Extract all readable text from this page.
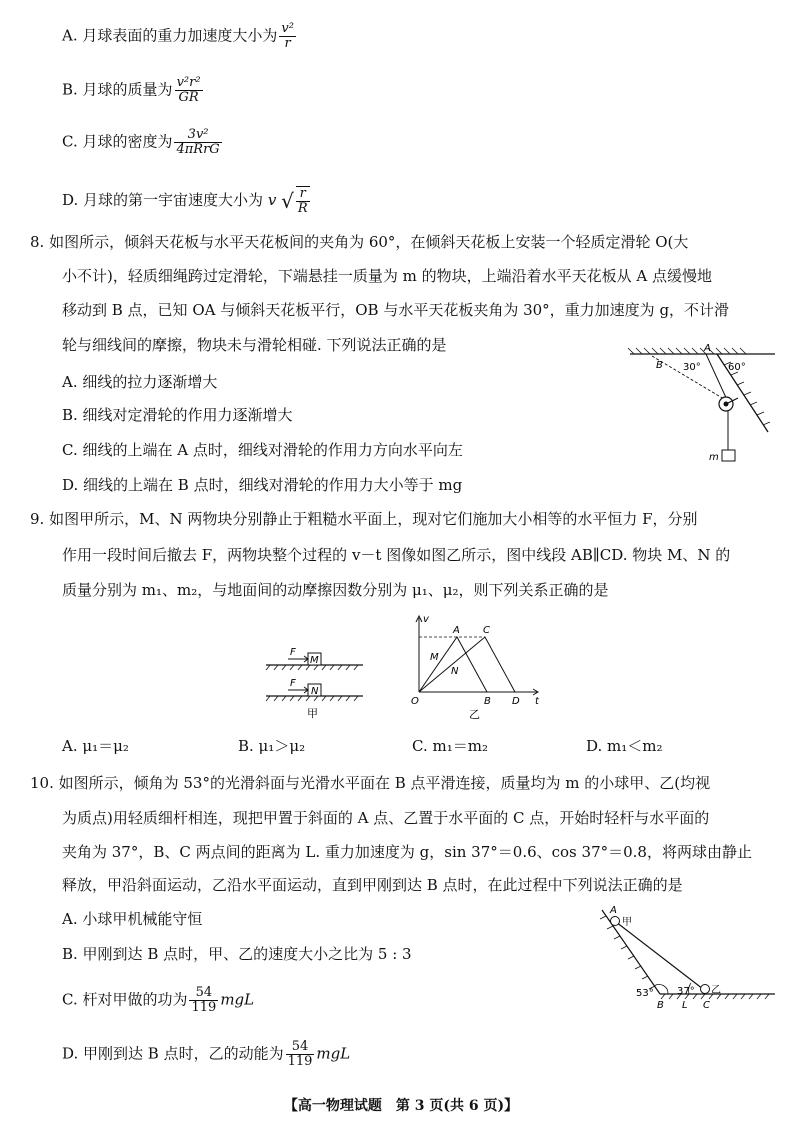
A. 月球表面的重力加速度大小为 $\frac{\text{v²}}{r}$
B. 月球的质量为 $\frac{\text{v²r²}}{GR}$
C. 月球的密度为 $\frac{\text{3v²}}{\text{4πRrG}}$
D. 月球的第一宇宙速度大小为 v √ $\frac{r}{R}$
8. 如图所示，倾斜天花板与水平天花板间的夹角为 60°，在倾斜天花板上安装一个轻质定滑轮 O(大
小不计)，轻质细绳跨过定滑轮，下端悬挂一质量为 m 的物块，上端沿着水平天花板从 A 点缓慢地
移动到 B 点，已知 OA 与倾斜天花板平行，OB 与水平天花板夹角为 30°，重力加速度为 g，不计滑
轮与细线间的摩擦，物块未与滑轮相碰. 下列说法正确的是
A. 细线的拉力逐渐增大
B. 细线对定滑轮的作用力逐渐增大
C. 细线的上端在 A 点时，细线对滑轮的作用力方向水平向左
D. 细线的上端在 B 点时，细线对滑轮的作用力大小等于 mg
m
A
B 30°	60°
9. 如图甲所示，M、N 两物块分别静止于粗糙水平面上，现对它们施加大小相等的水平恒力 F，分别
作用一段时间后撤去 F，两物块整个过程的 v－t 图像如图乙所示，图中线段 AB∥CD. 物块 M、N 的
质量分别为 m₁、m₂，与地面间的动摩擦因数分别为 μ₁、μ₂，则下列关系正确的是
F
M
F
N
甲
v
t
O
A C
B D
M
N
乙
A. μ₁＝μ₂	B. μ₁＞μ₂	C. m₁＝m₂	D. m₁＜m₂
10. 如图所示，倾角为 53°的光滑斜面与光滑水平面在 B 点平滑连接，质量均为 m 的小球甲、乙(均视
为质点)用轻质细杆相连，现把甲置于斜面的 A 点、乙置于水平面的 C 点，开始时轻杆与水平面的
夹角为 37°，B、C 两点间的距离为 L. 重力加速度为 g，sin 37°＝0.6、cos 37°＝0.8，将两球由静止
释放，甲沿斜面运动，乙沿水平面运动，直到甲刚到达 B 点时，在此过程中下列说法正确的是
A. 小球甲机械能守恒
B. 甲刚到达 B 点时，甲、乙的速度大小之比为 5 : 3
C. 杆对甲做的功为 $\frac{54}{119}$ mgL
D. 甲刚到达 B 点时，乙的动能为 $\frac{54}{119}$ mgL
A
甲
53° 37° 乙
B L C
【高一物理试题　第 3 页(共 6 页)】
